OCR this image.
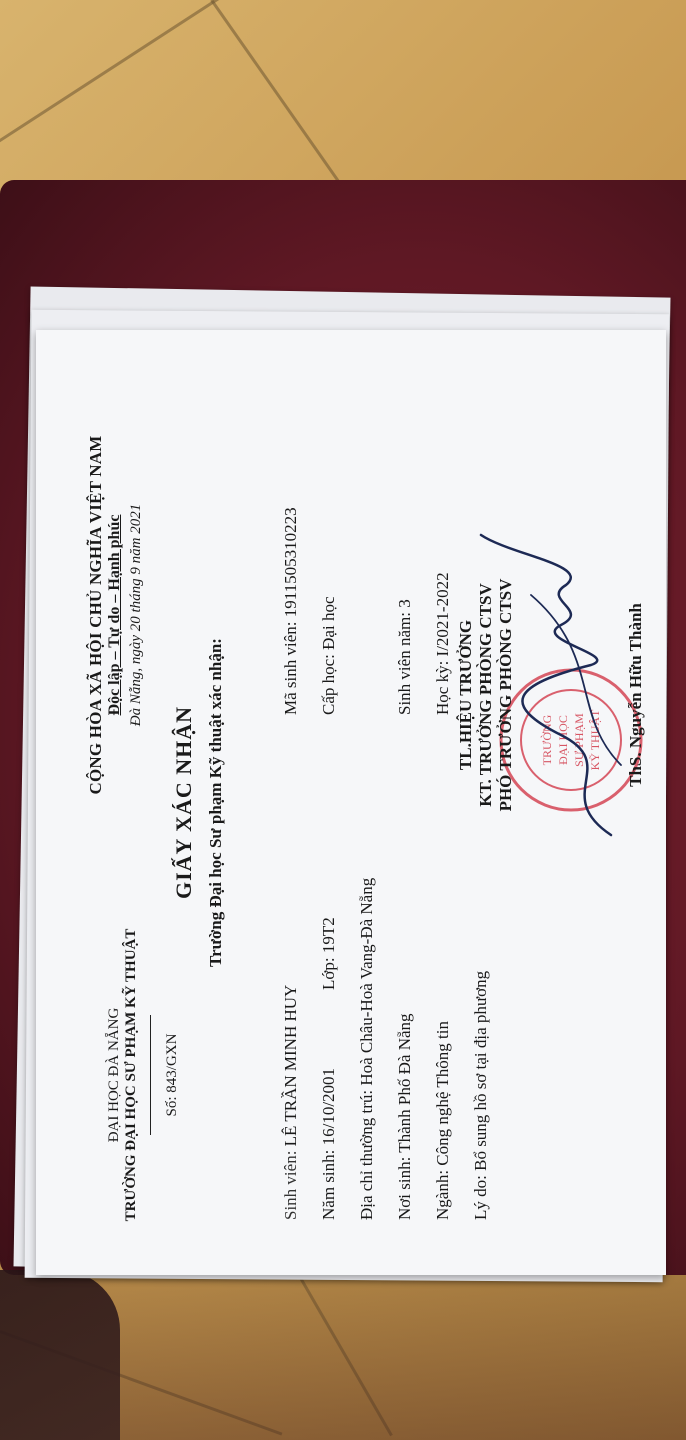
ĐẠI HỌC ĐÀ NẴNG TRƯỜNG ĐẠI HỌC SƯ PHẠM KỸ THUẬT Số: 843/GXN
CỘNG HÒA XÃ HỘI CHỦ NGHĨA VIỆT NAM Độc lập – Tự do – Hạnh phúc Đà Nẵng, ngày 20 tháng 9 năm 2021
GIẤY XÁC NHẬN Trường Đại học Sư phạm Kỹ thuật xác nhận:
Sinh viên: LÊ TRẦN MINH HUY
Mã sinh viên: 1911505310223
Năm sinh: 16/10/2001
Lớp: 19T2
Cấp học: Đại học
Địa chỉ thường trú: Hoà Châu-Hoà Vang-Đà Nẵng Nơi sinh: Thành Phố Đà Nẵng
Sinh viên năm: 3
Ngành: Công nghệ Thông tin
Học kỳ: I/2021-2022
Lý do: Bổ sung hồ sơ tại địa phương
TRƯỜNG ĐẠI HỌC SƯ PHẠM KỸ THUẬT
TL.HIỆU TRƯỞNG KT. TRƯỞNG PHÒNG CTSV PHÓ TRƯỞNG PHÒNG CTSV	ThS. Nguyễn Hữu Thành
